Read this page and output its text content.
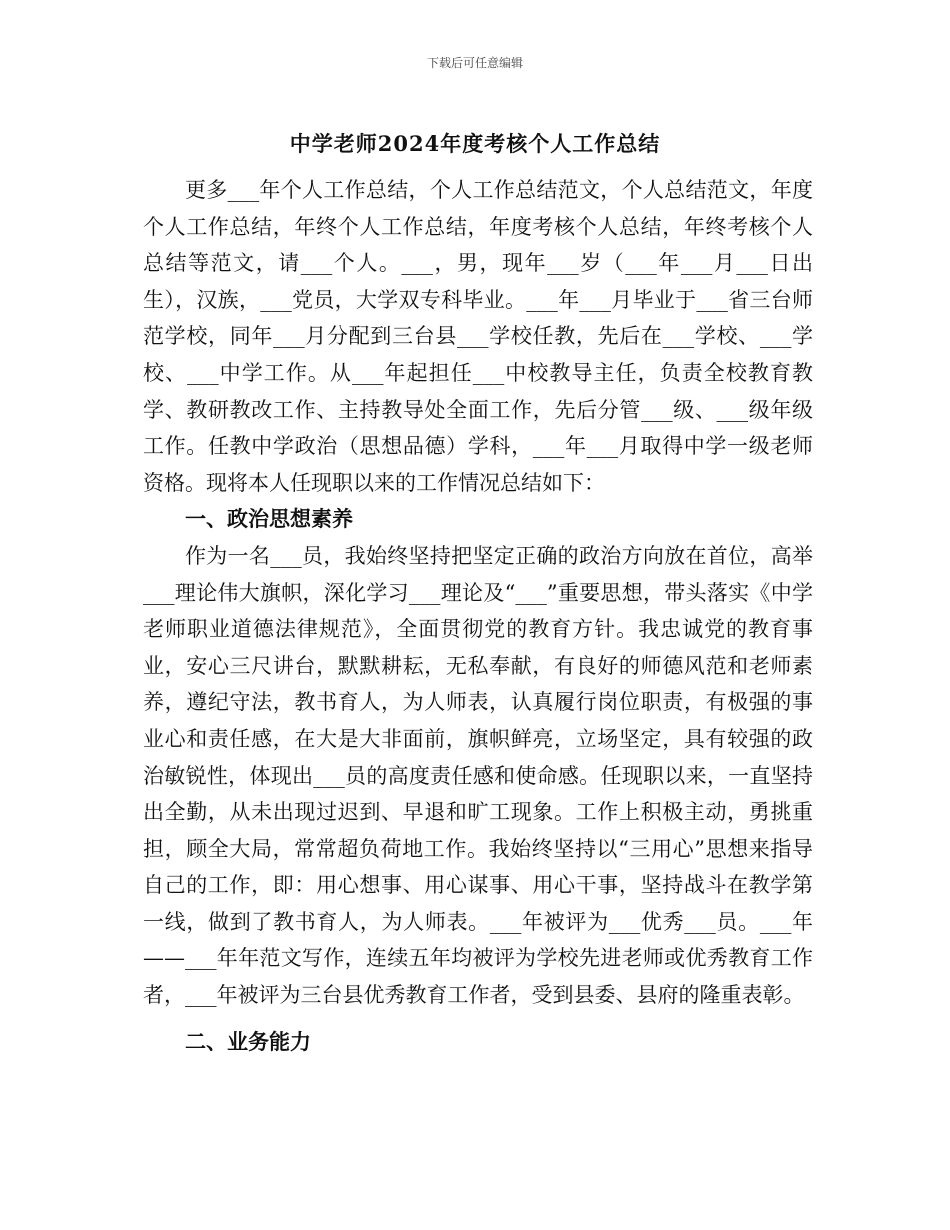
下载后可任意编辑
中学老师2024年度考核个人工作总结

更多___年个人工作总结，个人工作总结范文，个人总结范文，年度个人工作总结，年终个人工作总结，年度考核个人总结，年终考核个人总结等范文，请___个人。___，男，现年___岁（___年___月___日出生），汉族，___党员，大学双专科毕业。___年___月毕业于___省三台师范学校，同年___月分配到三台县___学校任教，先后在___学校、___学校、___中学工作。从___年起担任___中校教导主任，负责全校教育教学、教研教改工作、主持教导处全面工作，先后分管___级、___级年级工作。任教中学政治（思想品德）学科，___年___月取得中学一级老师资格。现将本人任现职以来的工作情况总结如下：

一、政治思想素养

作为一名___员，我始终坚持把坚定正确的政治方向放在首位，高举___理论伟大旗帜，深化学习___理论及“___”重要思想，带头落实《中学老师职业道德法律规范》，全面贯彻党的教育方针。我忠诚党的教育事业，安心三尺讲台，默默耕耘，无私奉献，有良好的师德风范和老师素养，遵纪守法，教书育人，为人师表，认真履行岗位职责，有极强的事业心和责任感，在大是大非面前，旗帜鲜亮，立场坚定，具有较强的政治敏锐性，体现出___员的高度责任感和使命感。任现职以来，一直坚持出全勤，从未出现过迟到、早退和旷工现象。工作上积极主动，勇挑重担，顾全大局，常常超负荷地工作。我始终坚持以“三用心”思想来指导自己的工作，即：用心想事、用心谋事、用心干事，坚持战斗在教学第一线，做到了教书育人，为人师表。___年被评为___优秀___员。___年——___年年范文写作，连续五年均被评为学校先进老师或优秀教育工作者，___年被评为三台县优秀教育工作者，受到县委、县府的隆重表彰。

二、业务能力
